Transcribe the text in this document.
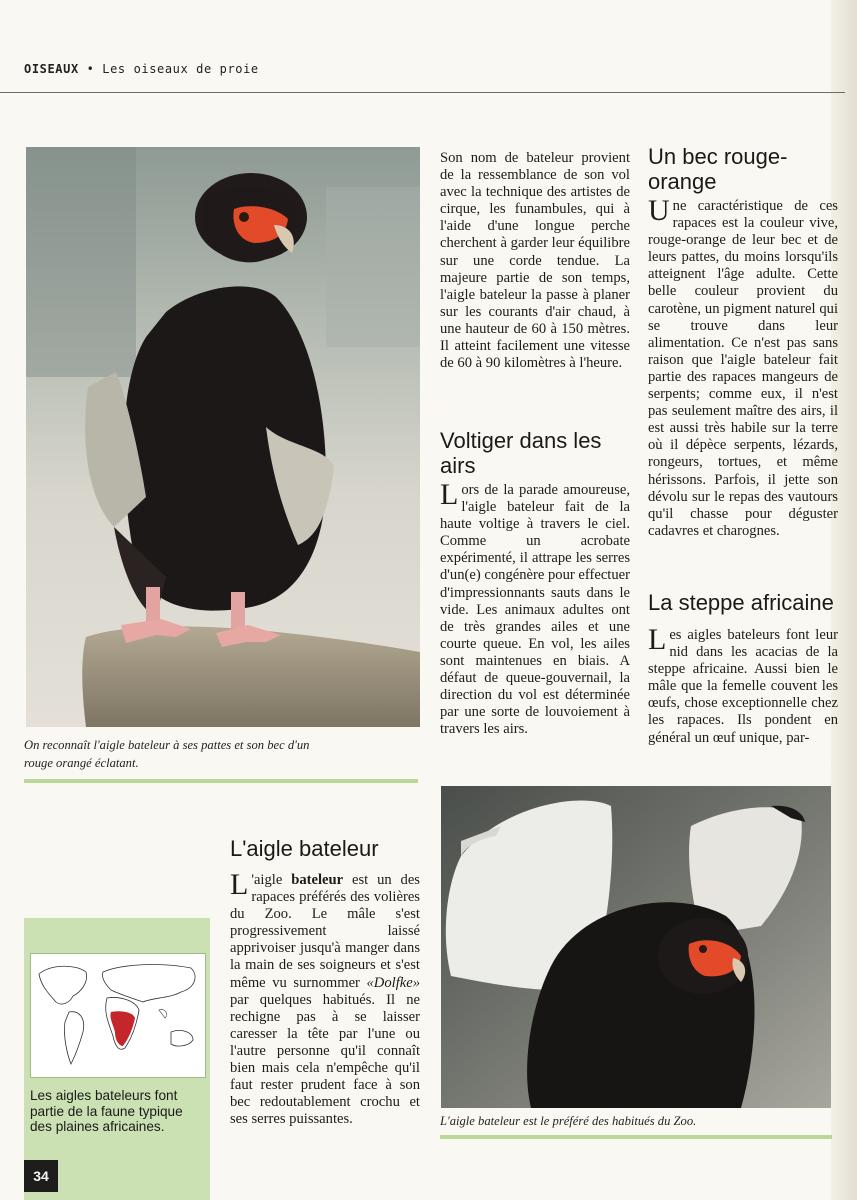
OISEAUX • Les oiseaux de proie
On reconnaît l'aigle bateleur à ses pattes et son bec d'un rouge orangé éclatant.
Son nom de bateleur provient de la ressemblance de son vol avec la technique des artistes de cirque, les funambules, qui à l'aide d'une longue perche cherchent à garder leur équilibre sur une corde tendue. La majeure partie de son temps, l'aigle bateleur la passe à planer sur les courants d'air chaud, à une hauteur de 60 à 150 mètres. Il atteint facilement une vitesse de 60 à 90 kilomètres à l'heure.
Voltiger dans les airs
Lors de la parade amoureuse, l'aigle bateleur fait de la haute voltige à travers le ciel. Comme un acrobate expérimenté, il attrape les serres d'un(e) congénère pour effectuer d'impressionnants sauts dans le vide. Les animaux adultes ont de très grandes ailes et une courte queue. En vol, les ailes sont maintenues en biais. A défaut de queue-gouvernail, la direction du vol est déterminée par une sorte de louvoiement à travers les airs.
Un bec rouge-orange
Une caractéristique de ces rapaces est la couleur vive, rouge-orange de leur bec et de leurs pattes, du moins lorsqu'ils atteignent l'âge adulte. Cette belle couleur provient du carotène, un pigment naturel qui se trouve dans leur alimentation. Ce n'est pas sans raison que l'aigle bateleur fait partie des rapaces mangeurs de serpents; comme eux, il n'est pas seulement maître des airs, il est aussi très habile sur la terre où il dépèce serpents, lézards, rongeurs, tortues, et même hérissons. Parfois, il jette son dévolu sur le repas des vautours qu'il chasse pour déguster cadavres et charognes.
La steppe africaine
Les aigles bateleurs font leur nid dans les acacias de la steppe africaine. Aussi bien le mâle que la femelle couvent les œufs, chose exceptionnelle chez les rapaces. Ils pondent en général un œuf unique, par-
L'aigle bateleur
L 'aigle bateleur est un des rapaces préférés des volières du Zoo. Le mâle s'est progressivement laissé apprivoiser jusqu'à manger dans la main de ses soigneurs et s'est même vu surnommer «Dolfke» par quelques habitués. Il ne rechigne pas à se laisser caresser la tête par l'une ou l'autre personne qu'il connaît bien mais cela n'empêche qu'il faut rester prudent face à son bec redoutablement crochu et ses serres puissantes.
Les aigles bateleurs font partie de la faune typique des plaines africaines.	L'aigle bateleur est le préféré des habitués du Zoo.
34
